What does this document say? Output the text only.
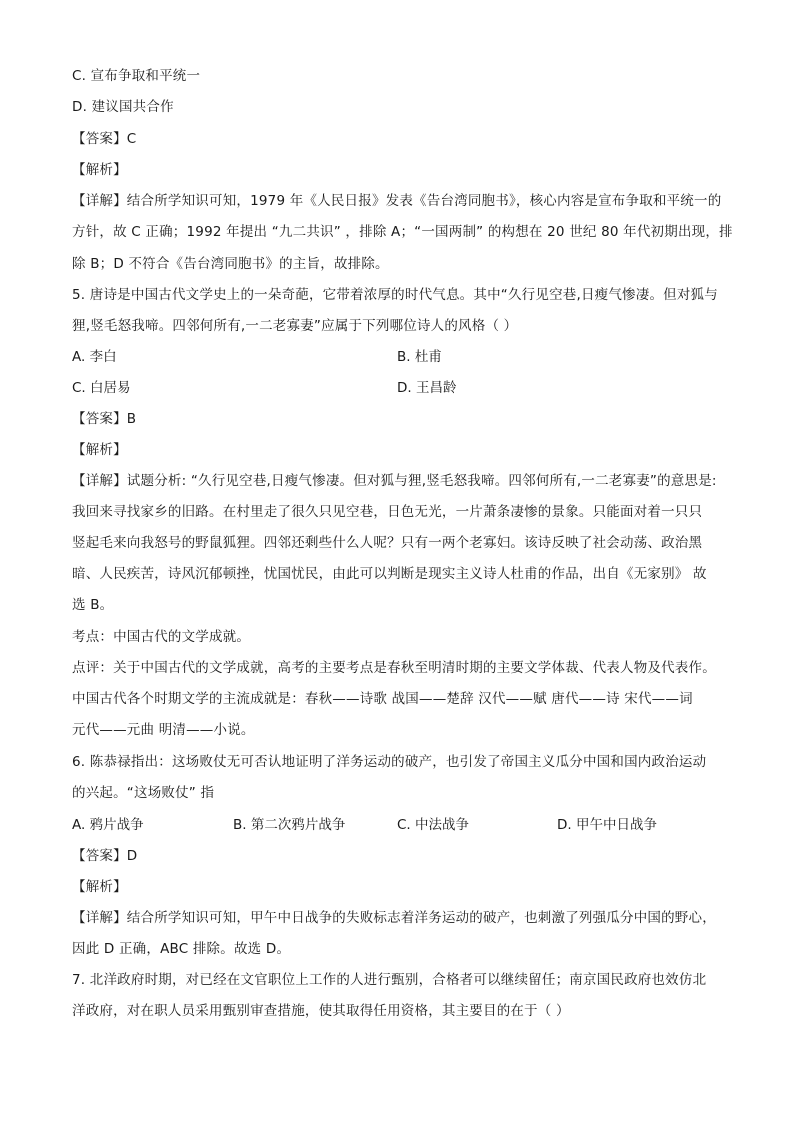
C. 宣布争取和平统一
D. 建议国共合作
【答案】C
【解析】
【详解】结合所学知识可知，1979 年《人民日报》发表《告台湾同胞书》，核心内容是宣布争取和平统一的
方针，故 C 正确；1992 年提出 “九二共识” ，排除 A；“一国两制” 的构想在 20 世纪 80 年代初期出现，排
除 B；D 不符合《告台湾同胞书》的主旨，故排除。
5. 唐诗是中国古代文学史上的一朵奇葩，它带着浓厚的时代气息。其中“久行见空巷,日瘦气惨凄。但对狐与
狸,竖毛怒我啼。四邻何所有,一二老寡妻”应属于下列哪位诗人的风格（ ）
A. 李白	B. 杜甫
C. 白居易	D. 王昌龄
【答案】B
【解析】
【详解】试题分析: “久行见空巷,日瘦气惨凄。但对狐与狸,竖毛怒我啼。四邻何所有,一二老寡妻”的意思是:
我回来寻找家乡的旧路。在村里走了很久只见空巷，日色无光，一片萧条凄惨的景象。只能面对着一只只
竖起毛来向我怒号的野鼠狐狸。四邻还剩些什么人呢？只有一两个老寡妇。该诗反映了社会动荡、政治黑
暗、人民疾苦，诗风沉郁顿挫，忧国忧民，由此可以判断是现实主义诗人杜甫的作品，出自《无家别》 故
选 B。
考点：中国古代的文学成就。
点评：关于中国古代的文学成就，高考的主要考点是春秋至明清时期的主要文学体裁、代表人物及代表作。
中国古代各个时期文学的主流成就是：春秋——诗歌 战国——楚辞 汉代——赋 唐代——诗 宋代——词
元代——元曲 明清——小说。
6. 陈恭禄指出：这场败仗无可否认地证明了洋务运动的破产，也引发了帝国主义瓜分中国和国内政治运动
的兴起。“这场败仗” 指
A. 鸦片战争	B. 第二次鸦片战争	C. 中法战争	D. 甲午中日战争
【答案】D
【解析】
【详解】结合所学知识可知，甲午中日战争的失败标志着洋务运动的破产，也刺激了列强瓜分中国的野心，
因此 D 正确，ABC 排除。故选 D。
7. 北洋政府时期，对已经在文官职位上工作的人进行甄别，合格者可以继续留任；南京国民政府也效仿北
洋政府，对在职人员采用甄别审查措施，使其取得任用资格，其主要目的在于（ ）
